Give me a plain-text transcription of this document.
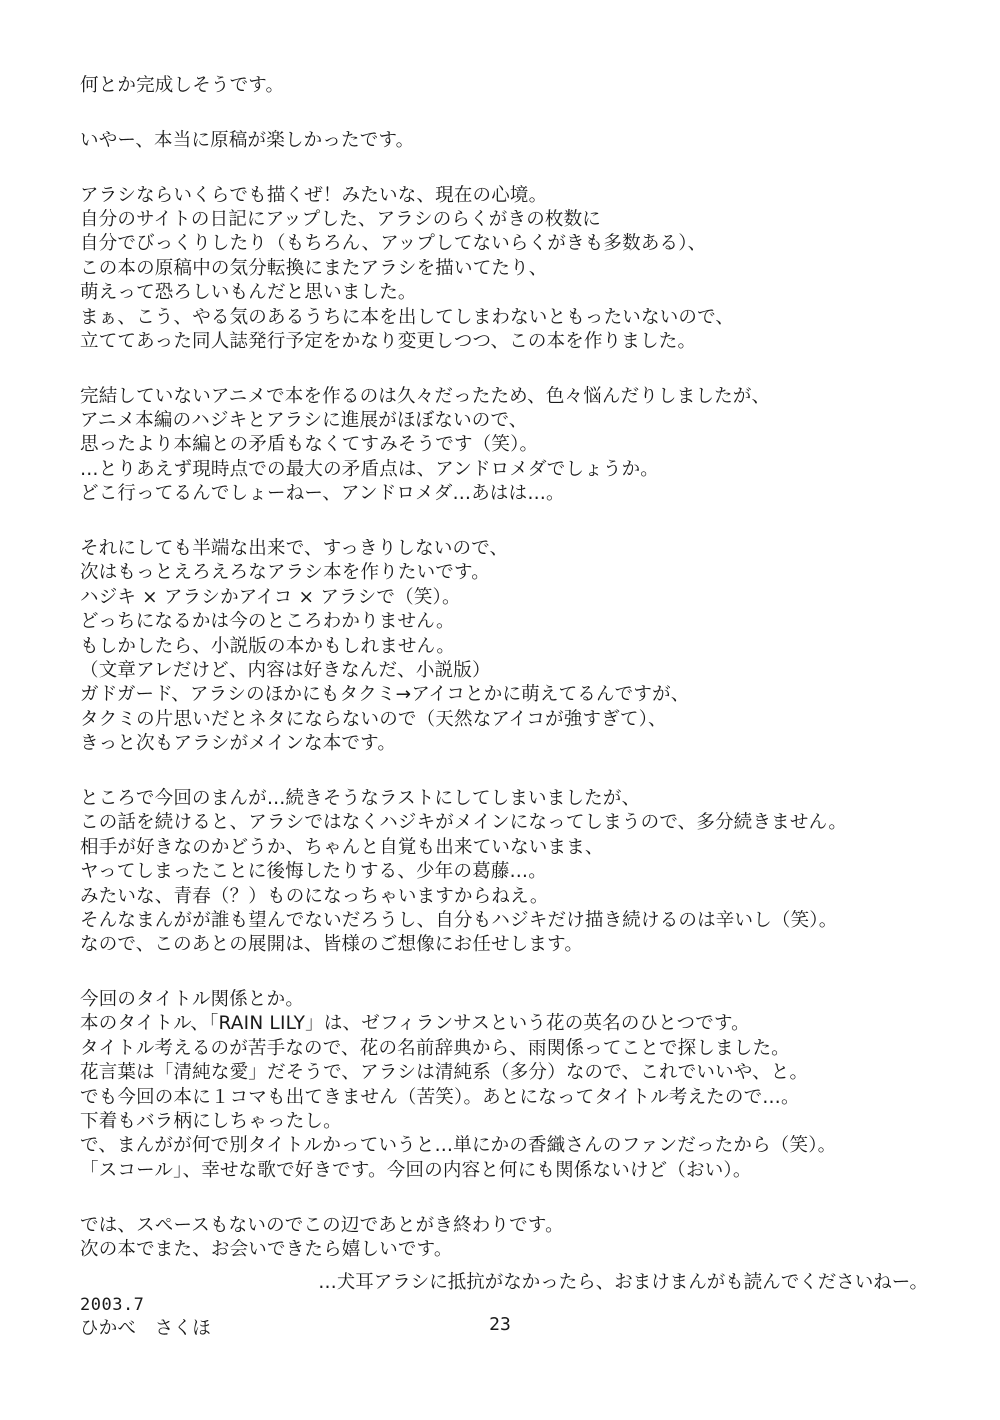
何とか完成しそうです。
いやー、本当に原稿が楽しかったです。
アラシならいくらでも描くぜ！みたいな、現在の心境。
自分のサイトの日記にアップした、アラシのらくがきの枚数に
自分でびっくりしたり（もちろん、アップしてないらくがきも多数ある）、
この本の原稿中の気分転換にまたアラシを描いてたり、
萌えって恐ろしいもんだと思いました。
まぁ、こう、やる気のあるうちに本を出してしまわないともったいないので、
立ててあった同人誌発行予定をかなり変更しつつ、この本を作りました。
完結していないアニメで本を作るのは久々だったため、色々悩んだりしましたが、
アニメ本編のハジキとアラシに進展がほぼないので、
思ったより本編との矛盾もなくてすみそうです（笑）。
…とりあえず現時点での最大の矛盾点は、アンドロメダでしょうか。
どこ行ってるんでしょーねー、アンドロメダ…あはは…。
それにしても半端な出来で、すっきりしないので、
次はもっとえろえろなアラシ本を作りたいです。
ハジキ × アラシかアイコ × アラシで（笑）。
どっちになるかは今のところわかりません。
もしかしたら、小説版の本かもしれません。
（文章アレだけど、内容は好きなんだ、小説版）
ガドガード、アラシのほかにもタクミ→アイコとかに萌えてるんですが、
タクミの片思いだとネタにならないので（天然なアイコが強すぎて）、
きっと次もアラシがメインな本です。
ところで今回のまんが…続きそうなラストにしてしまいましたが、
この話を続けると、アラシではなくハジキがメインになってしまうので、多分続きません。
相手が好きなのかどうか、ちゃんと自覚も出来ていないまま、
ヤってしまったことに後悔したりする、少年の葛藤…。
みたいな、青春（？）ものになっちゃいますからねえ。
そんなまんがが誰も望んでないだろうし、自分もハジキだけ描き続けるのは辛いし（笑）。
なので、このあとの展開は、皆様のご想像にお任せします。
今回のタイトル関係とか。
本のタイトル、「RAIN LILY」は、ゼフィランサスという花の英名のひとつです。
タイトル考えるのが苦手なので、花の名前辞典から、雨関係ってことで探しました。
花言葉は「清純な愛」だそうで、アラシは清純系（多分）なので、これでいいや、と。
でも今回の本に１コマも出てきません（苦笑）。あとになってタイトル考えたので…。
下着もバラ柄にしちゃったし。
で、まんがが何で別タイトルかっていうと…単にかの香織さんのファンだったから（笑）。
「スコール」、幸せな歌で好きです。今回の内容と何にも関係ないけど（おい）。
では、スペースもないのでこの辺であとがき終わりです。
次の本でまた、お会いできたら嬉しいです。
2003.7
ひかべ　さくほ
…犬耳アラシに抵抗がなかったら、おまけまんがも読んでくださいねー。
23
